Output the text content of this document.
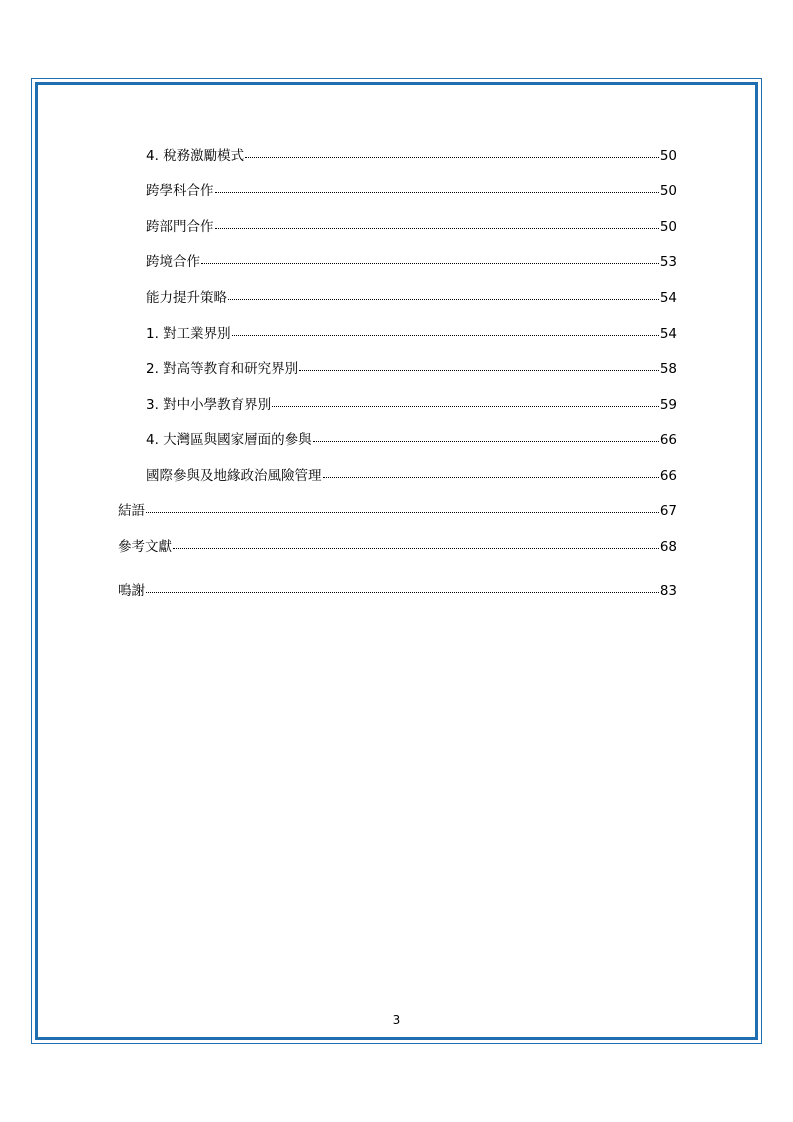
4. 稅務激勵模式	50
跨學科合作	50
跨部門合作	50
跨境合作	53
能力提升策略	54
1. 對工業界別	54
2. 對高等教育和研究界別	58
3. 對中小學教育界別	59
4. 大灣區與國家層面的參與	66
國際參與及地緣政治風險管理	66
結語	67
參考文獻	68
鳴謝	83
3
